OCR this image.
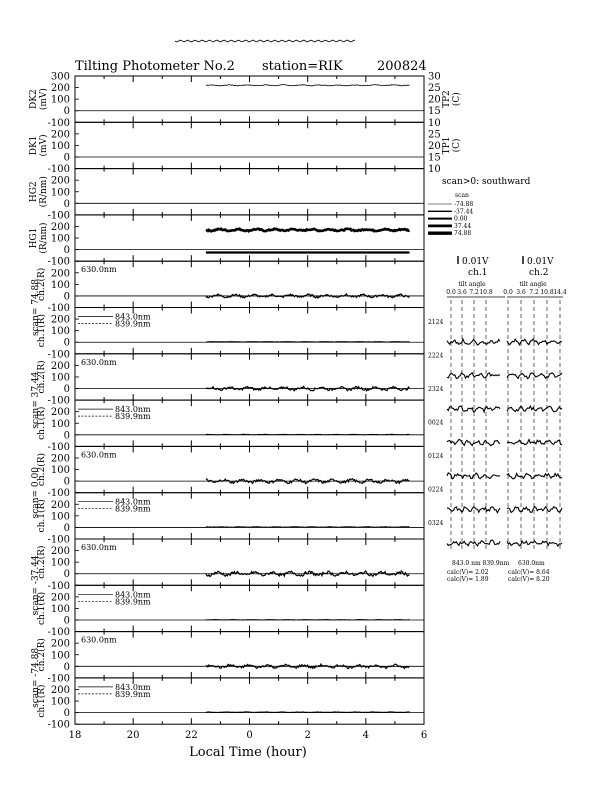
Tilting Photometer No.2 station=RIK	200824
300
200
100
0
-100
DK2 (mV)
30
25
20
15
10
TP2 (C)
200
100
0
-100
DK1 (mV)	25
20
15
10
TP1 (C)
200
100
0
-100
HG2 (R/nm)
200
100
0
-100
HG1 (R/nm)
200
100
0
-100
ch.2(R)	630.0nm
200
100
0
-100
ch.1(R)	843.0nm
839.9nm
200
100
0
-100
ch.2(R)	630.0nm
200
100
0
-100
ch.1(R)	843.0nm
839.9nm
200
100
0
-100
ch.2(R)	630.0nm
200
100
0
-100
ch.1(R)	843.0nm
839.9nm
200
100
0
-100
ch.2(R)	630.0nm
200
100
0
-100
ch.1(R)	843.0nm
839.9nm
200
100
0
-100
ch.2(R)	630.0nm
200
100
0
-100
ch.1(R)	843.0nm
839.9nm
scan= 74.88
scan= 37.44
scan= 0.00
scan= -37.44
scan= -74.88
18	20	22	0	2	4	6
Local Time (hour)
scan>0: southward
scan
-74.88
-37.44
0.00
37.44
74.88
0.01V
ch.1
0.01V
ch.2
0.0 3.6 7.2 10.8 0.0 3.6 7.2 10.8 14.4
tilt angle	tilt angle
2124
2224
2324
0024
0124
0224
0324
843.0 nm 839.9nm 630.0nm
calc(V)= 2.02
calc(V)= 1.89
calc(V)= 8.64
calc(V)= 8.20
